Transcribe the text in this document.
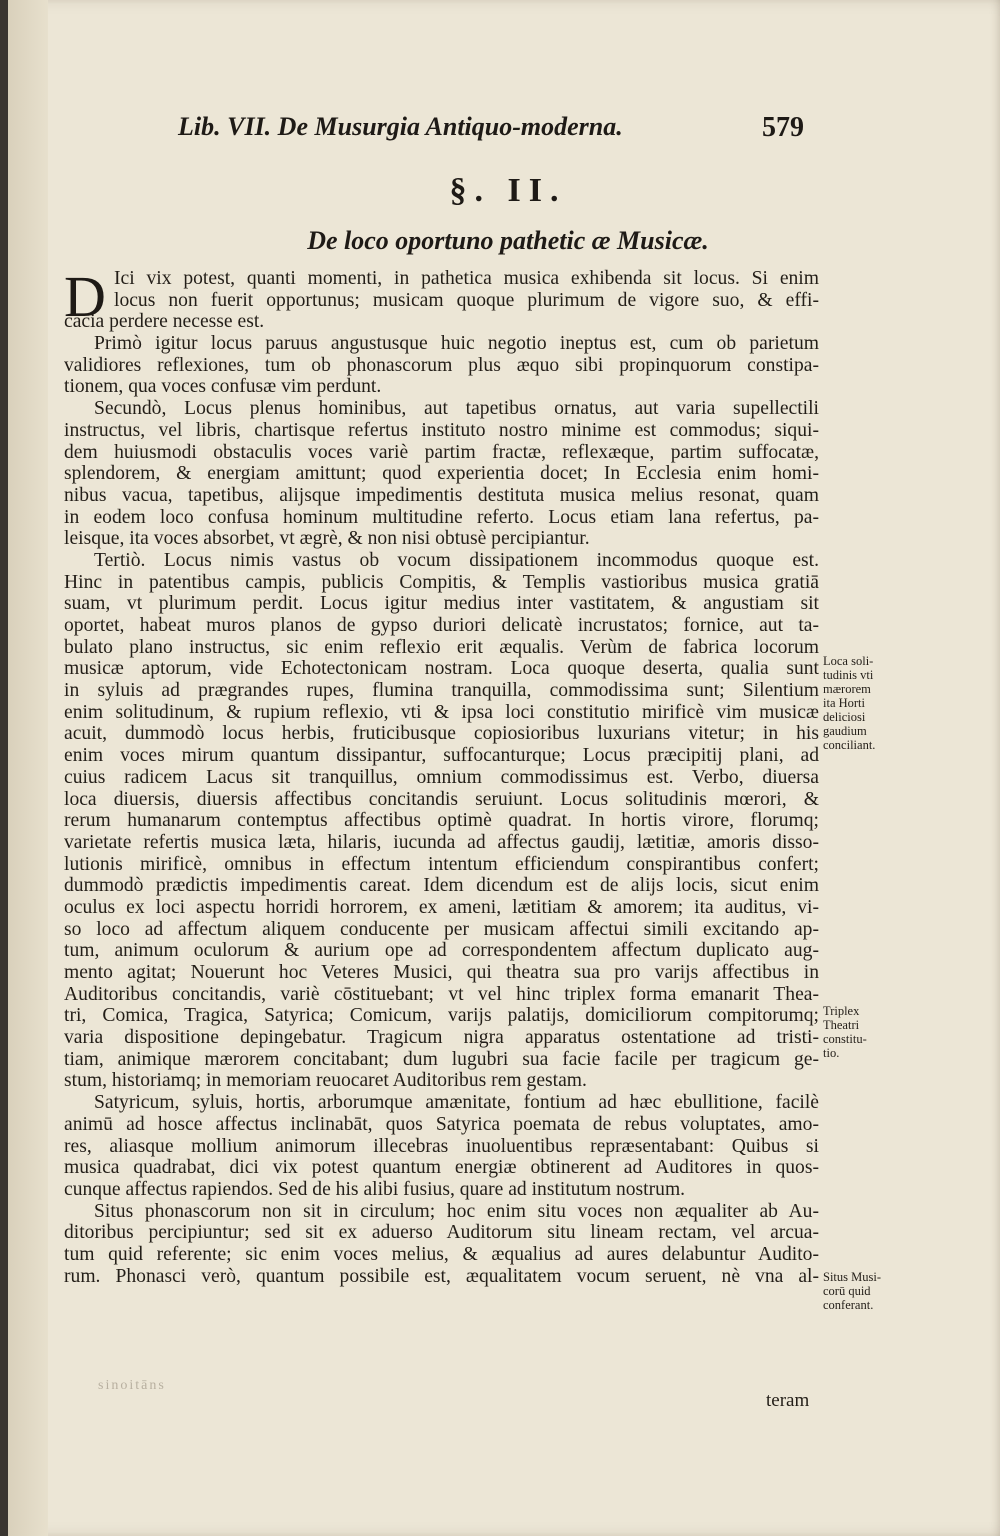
Lib. VII. De Musurgia Antiquo-moderna.	579
§. II.
De loco oportuno pathetic æ Musicæ.
D Ici vix potest, quanti momenti, in pathetica musica exhibenda sit locus. Si enim
locus non fuerit opportunus; musicam quoque plurimum de vigore suo, & effi-
cacia perdere necesse est.
Primò igitur locus paruus angustusque huic negotio ineptus est, cum ob parietum
validiores reflexiones, tum ob phonascorum plus æquo sibi propinquorum constipa-
tionem, qua voces confusæ vim perdunt.
Secundò, Locus plenus hominibus, aut tapetibus ornatus, aut varia supellectili
instructus, vel libris, chartisque refertus instituto nostro minime est commodus; siqui-
dem huiusmodi obstaculis voces variè partim fractæ, reflexæque, partim suffocatæ,
splendorem, & energiam amittunt; quod experientia docet; In Ecclesia enim homi-
nibus vacua, tapetibus, alijsque impedimentis destituta musica melius resonat, quam
in eodem loco confusa hominum multitudine referto. Locus etiam lana refertus, pa-
leisque, ita voces absorbet, vt ægrè, & non nisi obtusè percipiantur.
Tertiò. Locus nimis vastus ob vocum dissipationem incommodus quoque est.
Hinc in patentibus campis, publicis Compitis, & Templis vastioribus musica gratiā
suam, vt plurimum perdit. Locus igitur medius inter vastitatem, & angustiam sit
oportet, habeat muros planos de gypso duriori delicatè incrustatos; fornice, aut ta-
bulato plano instructus, sic enim reflexio erit æqualis. Verùm de fabrica locorum
musicæ aptorum, vide Echotectonicam nostram. Loca quoque deserta, qualia sunt
in syluis ad prægrandes rupes, flumina tranquilla, commodissima sunt; Silentium
enim solitudinum, & rupium reflexio, vti & ipsa loci constitutio mirificè vim musicæ
acuit, dummodò locus herbis, fruticibusque copiosioribus luxurians vitetur; in his
enim voces mirum quantum dissipantur, suffocanturque; Locus præcipitij plani, ad
cuius radicem Lacus sit tranquillus, omnium commodissimus est. Verbo, diuersa
loca diuersis, diuersis affectibus concitandis seruiunt. Locus solitudinis mœrori, &
rerum humanarum contemptus affectibus optimè quadrat. In hortis virore, florumq;
varietate refertis musica læta, hilaris, iucunda ad affectus gaudij, lætitiæ, amoris disso-
lutionis mirificè, omnibus in effectum intentum efficiendum conspirantibus confert;
dummodò prædictis impedimentis careat. Idem dicendum est de alijs locis, sicut enim
oculus ex loci aspectu horridi horrorem, ex ameni, lætitiam & amorem; ita auditus, vi-
so loco ad affectum aliquem conducente per musicam affectui simili excitando ap-
tum, animum oculorum & aurium ope ad correspondentem affectum duplicato aug-
mento agitat; Nouerunt hoc Veteres Musici, qui theatra sua pro varijs affectibus in
Auditoribus concitandis, variè cōstituebant; vt vel hinc triplex forma emanarit Thea-
tri, Comica, Tragica, Satyrica; Comicum, varijs palatijs, domiciliorum compitorumq;
varia dispositione depingebatur. Tragicum nigra apparatus ostentatione ad tristi-
tiam, animique mærorem concitabant; dum lugubri sua facie facile per tragicum ge-
stum, historiamq; in memoriam reuocaret Auditoribus rem gestam.
Satyricum, syluis, hortis, arborumque amænitate, fontium ad hæc ebullitione, facilè
animū ad hosce affectus inclinabāt, quos Satyrica poemata de rebus voluptates, amo-
res, aliasque mollium animorum illecebras inuoluentibus repræsentabant: Quibus si
musica quadrabat, dici vix potest quantum energiæ obtinerent ad Auditores in quos-
cunque affectus rapiendos. Sed de his alibi fusius, quare ad institutum nostrum.
Situs phonascorum non sit in circulum; hoc enim situ voces non æqualiter ab Au-
ditoribus percipiuntur; sed sit ex aduerso Auditorum situ lineam rectam, vel arcua-
tum quid referente; sic enim voces melius, & æqualius ad aures delabuntur Audito-
rum. Phonasci verò, quantum possibile est, æqualitatem vocum seruent, nè vna al-
Loca soli-
tudinis vti
mærorem
ita Horti
deliciosi
gaudium
conciliant.
Triplex
Theatri
constitu-
tio.
Situs Musi-
corū quid
conferant.
sinoitāns
teram
